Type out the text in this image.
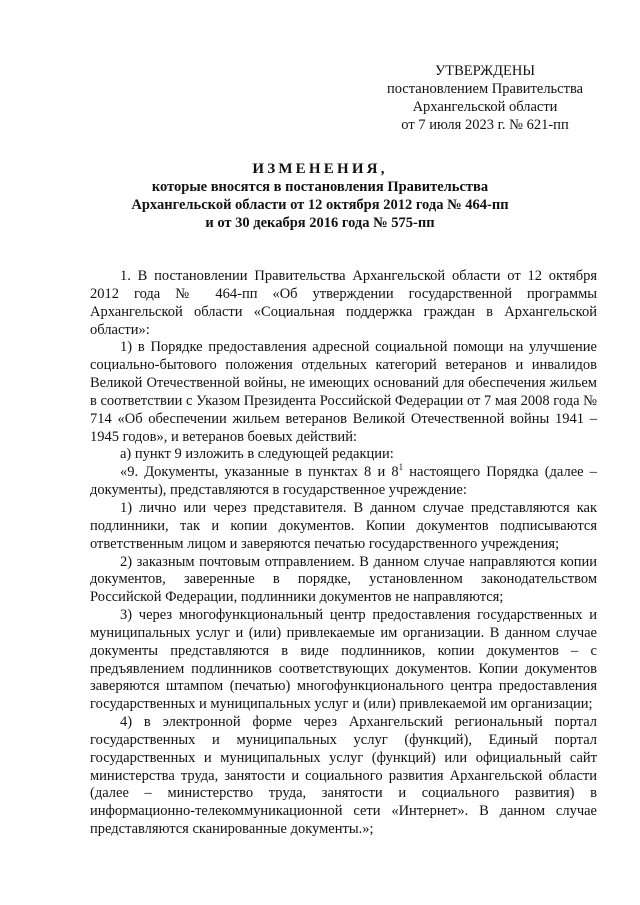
УТВЕРЖДЕНЫ
постановлением Правительства
Архангельской области
от 7 июля 2023 г. № 621-пп
ИЗМЕНЕНИЯ,
которые вносятся в постановления Правительства
Архангельской области от 12 октября 2012 года № 464-пп
и от 30 декабря 2016 года № 575-пп

1. В постановлении Правительства Архангельской области от 12 октября 2012 года № 464-пп «Об утверждении государственной программы Архангельской области «Социальная поддержка граждан в Архангельской области»:

1) в Порядке предоставления адресной социальной помощи на улучшение социально-бытового положения отдельных категорий ветеранов и инвалидов Великой Отечественной войны, не имеющих оснований для обеспечения жильем в соответствии с Указом Президента Российской Федерации от 7 мая 2008 года № 714 «Об обеспечении жильем ветеранов Великой Отечественной войны 1941 – 1945 годов», и ветеранов боевых действий:

а) пункт 9 изложить в следующей редакции:

«9. Документы, указанные в пунктах 8 и $8^1$ настоящего Порядка (далее – документы), представляются в государственное учреждение:

1) лично или через представителя. В данном случае представляются как подлинники, так и копии документов. Копии документов подписываются ответственным лицом и заверяются печатью государственного учреждения;

2) заказным почтовым отправлением. В данном случае направляются копии документов, заверенные в порядке, установленном законодательством Российской Федерации, подлинники документов не направляются;

3) через многофункциональный центр предоставления государственных и муниципальных услуг и (или) привлекаемые им организации. В данном случае документы представляются в виде подлинников, копии документов – с предъявлением подлинников соответствующих документов. Копии документов заверяются штампом (печатью) многофункционального центра предоставления государственных и муниципальных услуг и (или) привлекаемой им организации;

4) в электронной форме через Архангельский региональный портал государственных и муниципальных услуг (функций), Единый портал государственных и муниципальных услуг (функций) или официальный сайт министерства труда, занятости и социального развития Архангельской области (далее – министерство труда, занятости и социального развития) в информационно-телекоммуникационной сети «Интернет». В данном случае представляются сканированные документы.»;
